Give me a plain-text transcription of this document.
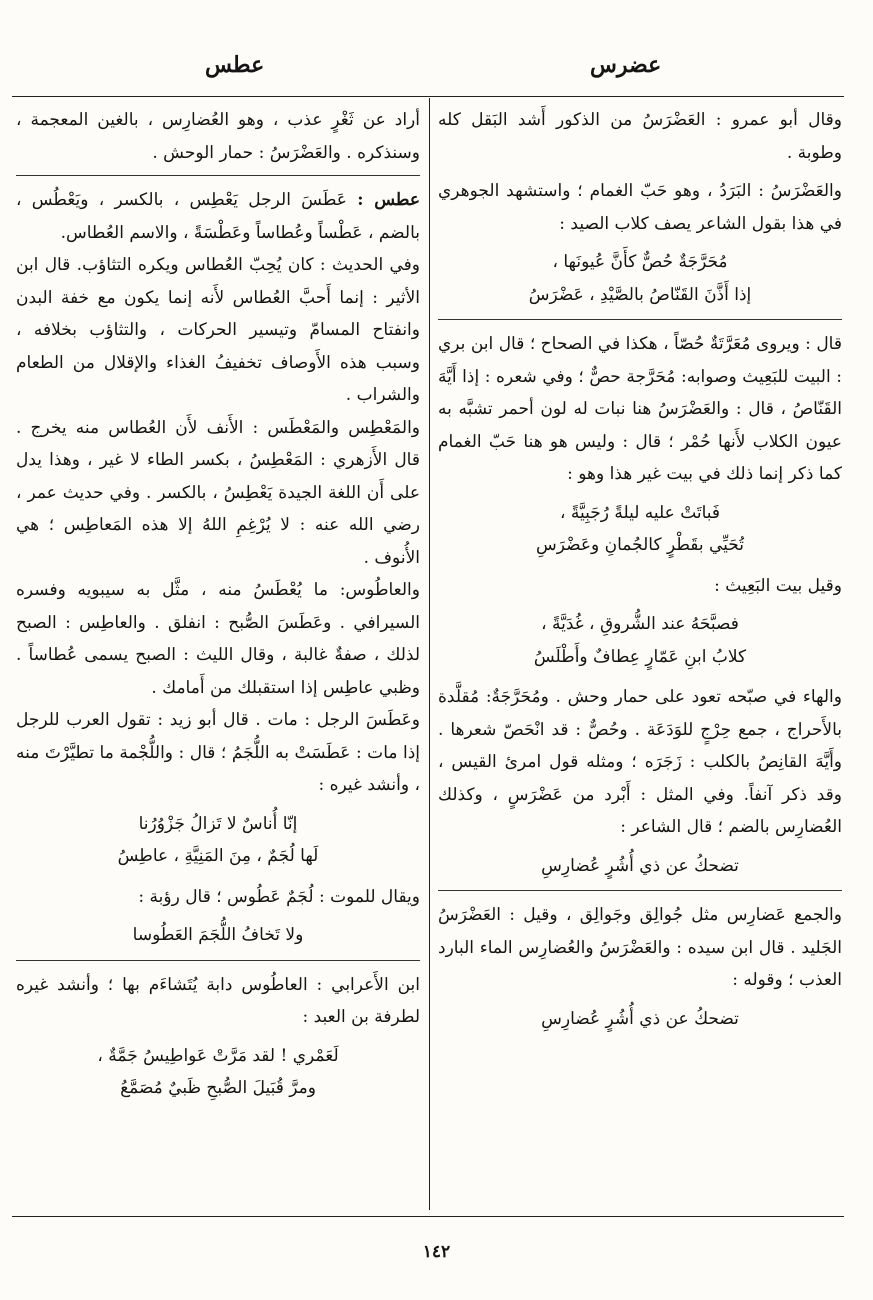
عضرس
عطس

وقال أبو عمرو : العَضْرَسُ من الذكور أَشد البَقل كله وطوبة .

والعَضْرَسُ : البَرَدُ ، وهو حَبّ الغمام ؛ واستشهد الجوهري في هذا بقول الشاعر يصف كلاب الصيد :

مُحَرَّجَةٌ حُصٌّ كأَنَّ عُيونَها ،

إذا أَذَّنَ القَنّاصُ بالصَّيْدِ ، عَضْرَسُ

قال : ويروى مُعَرَّتَةٌ حُصّاً ، هكذا في الصحاح ؛ قال ابن بري : البيت للبَعِيث وصوابه: مُحَرَّجة حصٌّ ؛ وفي شعره : إذا أَيَّهَ القَنّاصُ ، قال : والعَضْرَسُ هنا نبات له لون أحمر تشبَّه به عيون الكلاب لأَنها حُمْر ؛ قال : وليس هو هنا حَبّ الغمام كما ذكر إنما ذلك في بيت غير هذا وهو :

فَباتَتْ عليه ليلةً رُجَبِيَّةً ،

تُحَيِّي بقَطْرٍ كالجُمانِ وعَضْرَسِ

وقيل بيت البَعِيث :

فصبَّحَهُ عند الشُّروقِ ، غُدَيَّةً ،

كلابُ ابنِ عَمّارٍ عِطافٌ وأَطْلَسُ

والهاء في صبّحه تعود على حمار وحش . ومُحَرَّجَةٌ: مُقلَّدة بالأَحراج ، جمع حِرْجٍ للوَدَعَة . وحُصٌّ : قد انْحَصّ شعرها . وأَيَّهَ القانِصُ بالكلب : زَجَرَه ؛ ومثله قول امرئ القيس ، وقد ذكر آنفاً. وفي المثل : أَبْرد من عَضْرَسٍ ، وكذلك العُضارِس بالضم ؛ قال الشاعر :

تضحكُ عن ذي أُشُرٍ عُضارِسِ

والجمع عَضارِس مثل جُوالِق وجَوالِق ، وقيل : العَضْرَسُ الجَليد . قال ابن سيده : والعَضْرَسُ والعُضارِس الماء البارد العذب ؛ وقوله :

تضحكُ عن ذي أُشُرٍ عُضارِسِ

أراد عن ثَغْرٍ عذب ، وهو العُضارِس ، بالغين المعجمة ، وسنذكره . والعَضْرَسُ : حمار الوحش .

عطس : عَطَسَ الرجل يَعْطِس ، بالكسر ، ويَعْطُس ، بالضم ، عَطْساً وعُطاساً وعَطْسَةً ، والاسم العُطاس.

وفي الحديث : كان يُحِبّ العُطاس ويكره التثاؤب. قال ابن الأثير : إنما أَحبَّ العُطاس لأَنه إنما يكون مع خفة البدن وانفتاح المسامّ وتيسير الحركات ، والتثاؤب بخلافه ، وسبب هذه الأَوصاف تخفيفُ الغذاء والإقلال من الطعام والشراب .

والمَعْطِس والمَعْطَس : الأَنف لأَن العُطاس منه يخرج . قال الأَزهري : المَعْطِسُ ، بكسر الطاء لا غير ، وهذا يدل على أَن اللغة الجيدة يَعْطِسُ ، بالكسر . وفي حديث عمر ، رضي الله عنه : لا يُرْغِمِ اللهُ إلا هذه المَعاطِس ؛ هي الأُنوف .

والعاطُوس: ما يُعْطَسُ منه ، مثَّل به سيبويه وفسره السيرافي . وعَطَسَ الصُّبح : انفلق . والعاطِس : الصبح لذلك ، صفةٌ غالبة ، وقال الليث : الصبح يسمى عُطاساً . وظبي عاطِس إذا استقبلك من أَمامك .

وعَطَسَ الرجل : مات . قال أبو زيد : تقول العرب للرجل إذا مات : عَطَسَتْ به اللُّجَمُ ؛ قال : واللُّجْمة ما تطيَّرْتَ منه ، وأنشد غيره :

إنّا أُناسٌ لا تَزالُ جَزْوُرُنا

لَها لُجَمٌ ، مِنَ المَنِيَّةِ ، عاطِسُ

ويقال للموت : لُجَمٌ عَطُوس ؛ قال رؤبة :

ولا تَخافُ اللُّجَمَ العَطُوسا

ابن الأَعرابي : العاطُوس دابة يُتَشاءَم بها ؛ وأنشد غيره لطرفة بن العبد :

لَعَمْري ! لقد مَرَّتْ عَواطِيسُ جَمَّةٌ ،

ومرَّ قُبَيلَ الصُّبحِ ظَبيٌ مُصَمَّعُ

١٤٢
